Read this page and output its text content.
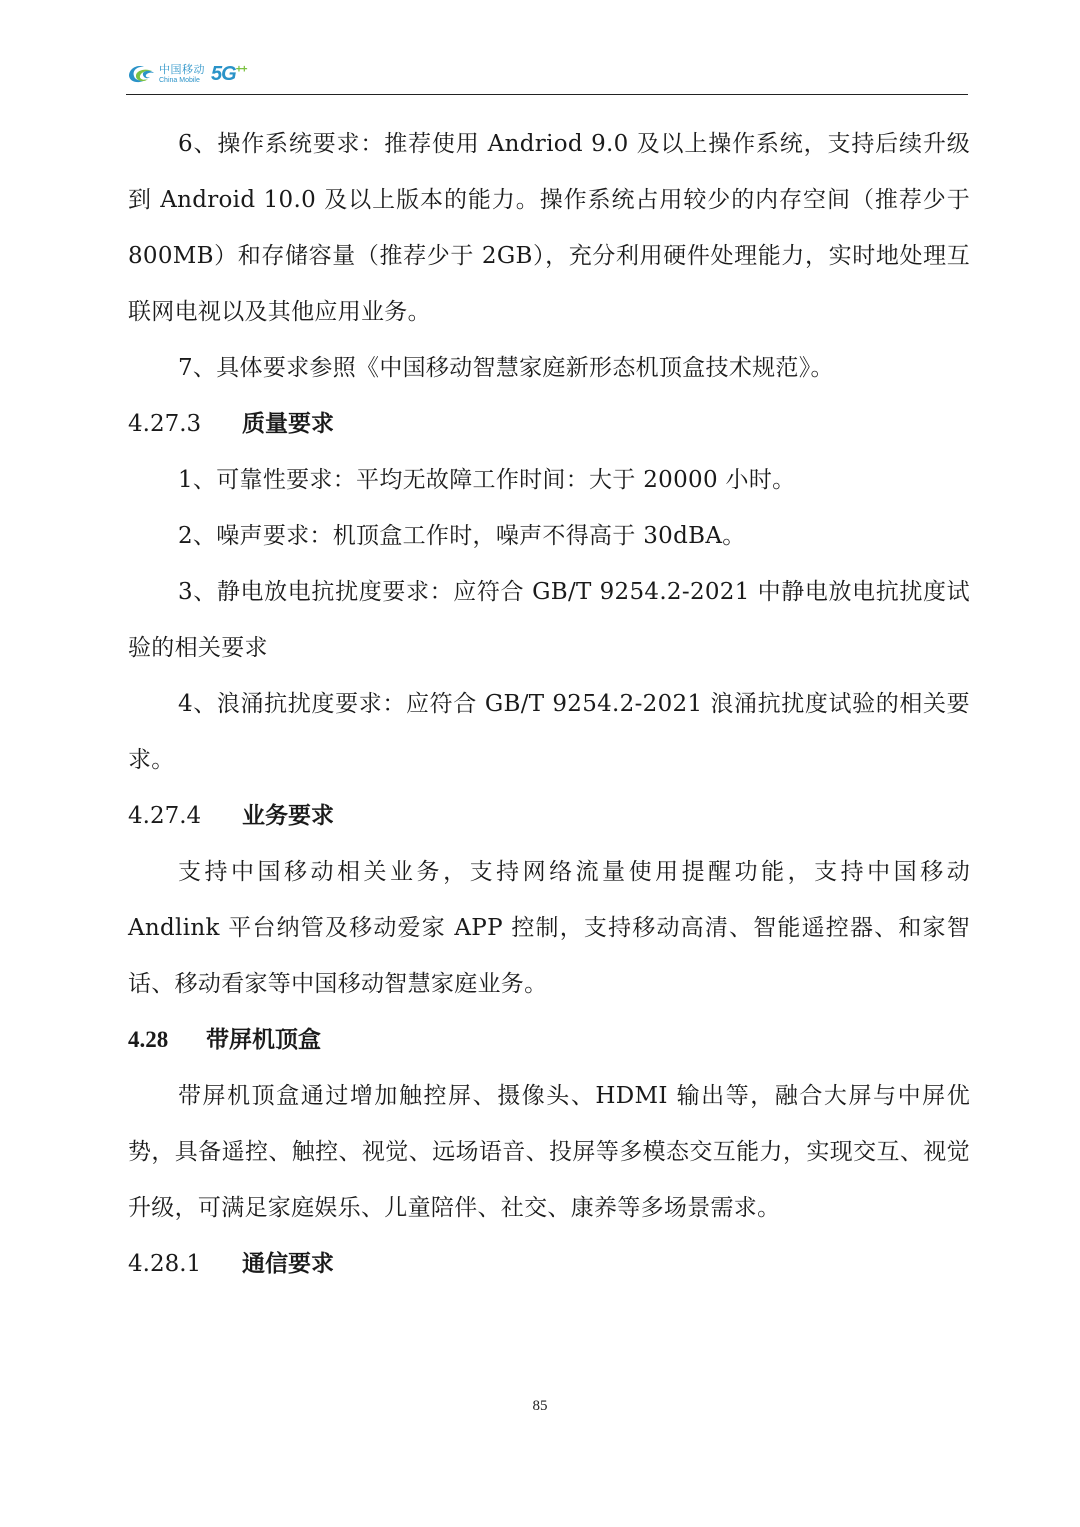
中国移动
China Mobile 5G++

6、操作系统要求：推荐使用 Andriod 9.0 及以上操作系统，支持后续升级到 Android 10.0 及以上版本的能力。操作系统占用较少的内存空间（推荐少于 800MB）和存储容量（推荐少于 2GB），充分利用硬件处理能力，实时地处理互联网电视以及其他应用业务。

7、具体要求参照《中国移动智慧家庭新形态机顶盒技术规范》。

4.27.3	质量要求

1、可靠性要求：平均无故障工作时间：大于 20000 小时。

2、噪声要求：机顶盒工作时，噪声不得高于 30dBA。

3、静电放电抗扰度要求：应符合 GB/T 9254.2-2021 中静电放电抗扰度试验的相关要求

4、浪涌抗扰度要求：应符合 GB/T 9254.2-2021 浪涌抗扰度试验的相关要求。

4.27.4	业务要求

支持中国移动相关业务，支持网络流量使用提醒功能，支持中国移动 Andlink 平台纳管及移动爱家 APP 控制，支持移动高清、智能遥控器、和家智话、移动看家等中国移动智慧家庭业务。

4.28	带屏机顶盒

带屏机顶盒通过增加触控屏、摄像头、HDMI 输出等，融合大屏与中屏优势，具备遥控、触控、视觉、远场语音、投屏等多模态交互能力，实现交互、视觉升级，可满足家庭娱乐、儿童陪伴、社交、康养等多场景需求。

4.28.1	通信要求
85
